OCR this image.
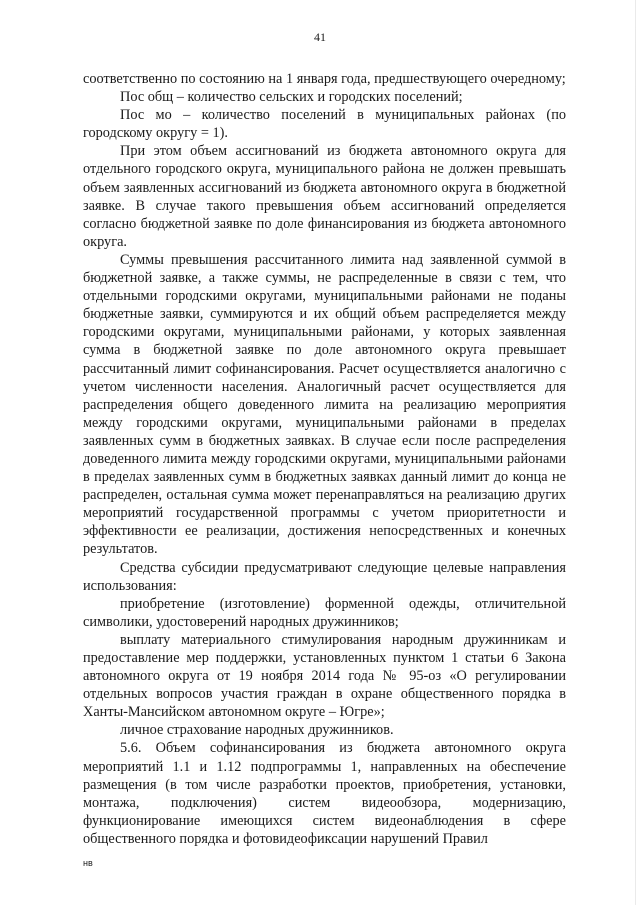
41

соответственно по состоянию на 1 января года, предшествующего очередному;

Пос общ – количество сельских и городских поселений;

Пос мо – количество поселений в муниципальных районах (по городскому округу = 1).

При этом объем ассигнований из бюджета автономного округа для отдельного городского округа, муниципального района не должен превышать объем заявленных ассигнований из бюджета автономного округа в бюджетной заявке. В случае такого превышения объем ассигнований определяется согласно бюджетной заявке по доле финансирования из бюджета автономного округа.

Суммы превышения рассчитанного лимита над заявленной суммой в бюджетной заявке, а также суммы, не распределенные в связи с тем, что отдельными городскими округами, муниципальными районами не поданы бюджетные заявки, суммируются и их общий объем распределяется между городскими округами, муниципальными районами, у которых заявленная сумма в бюджетной заявке по доле автономного округа превышает рассчитанный лимит софинансирования. Расчет осуществляется аналогично с учетом численности населения. Аналогичный расчет осуществляется для распределения общего доведенного лимита на реализацию мероприятия между городскими округами, муниципальными районами в пределах заявленных сумм в бюджетных заявках. В случае если после распределения доведенного лимита между городскими округами, муниципальными районами в пределах заявленных сумм в бюджетных заявках данный лимит до конца не распределен, остальная сумма может перенаправляться на реализацию других мероприятий государственной программы с учетом приоритетности и эффективности ее реализации, достижения непосредственных и конечных результатов.

Средства субсидии предусматривают следующие целевые направления использования:

приобретение (изготовление) форменной одежды, отличительной символики, удостоверений народных дружинников;

выплату материального стимулирования народным дружинникам и предоставление мер поддержки, установленных пунктом 1 статьи 6 Закона автономного округа от 19 ноября 2014 года № 95-оз «О регулировании отдельных вопросов участия граждан в охране общественного порядка в Ханты-Мансийском автономном округе – Югре»;

личное страхование народных дружинников.

5.6. Объем софинансирования из бюджета автономного округа мероприятий 1.1 и 1.12 подпрограммы 1, направленных на обеспечение размещения (в том числе разработки проектов, приобретения, установки, монтажа, подключения) систем видеообзора, модернизацию, функционирование имеющихся систем видеонаблюдения в сфере общественного порядка и фотовидеофиксации нарушений Правил

нв
